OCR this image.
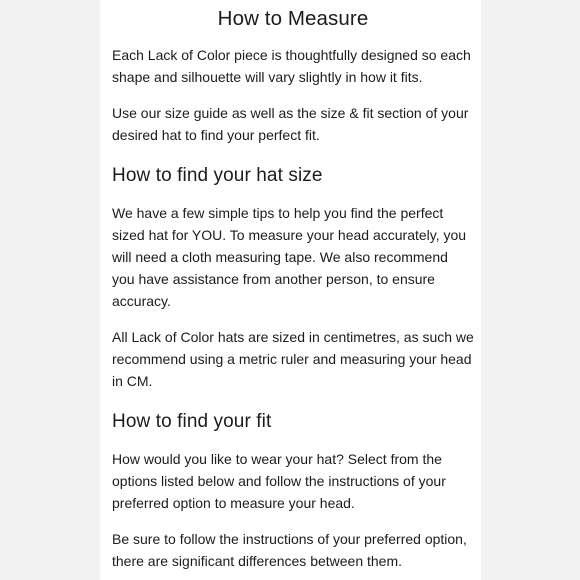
How to Measure

Each Lack of Color piece is thoughtfully designed so each shape and silhouette will vary slightly in how it fits.

Use our size guide as well as the size & fit section of your desired hat to find your perfect fit.

How to find your hat size

We have a few simple tips to help you find the perfect sized hat for YOU. To measure your head accurately, you will need a cloth measuring tape. We also recommend you have assistance from another person, to ensure accuracy.

All Lack of Color hats are sized in centimetres, as such we recommend using a metric ruler and measuring your head in CM.

How to find your fit

How would you like to wear your hat? Select from the options listed below and follow the instructions of your preferred option to measure your head.

Be sure to follow the instructions of your preferred option, there are significant differences between them.
